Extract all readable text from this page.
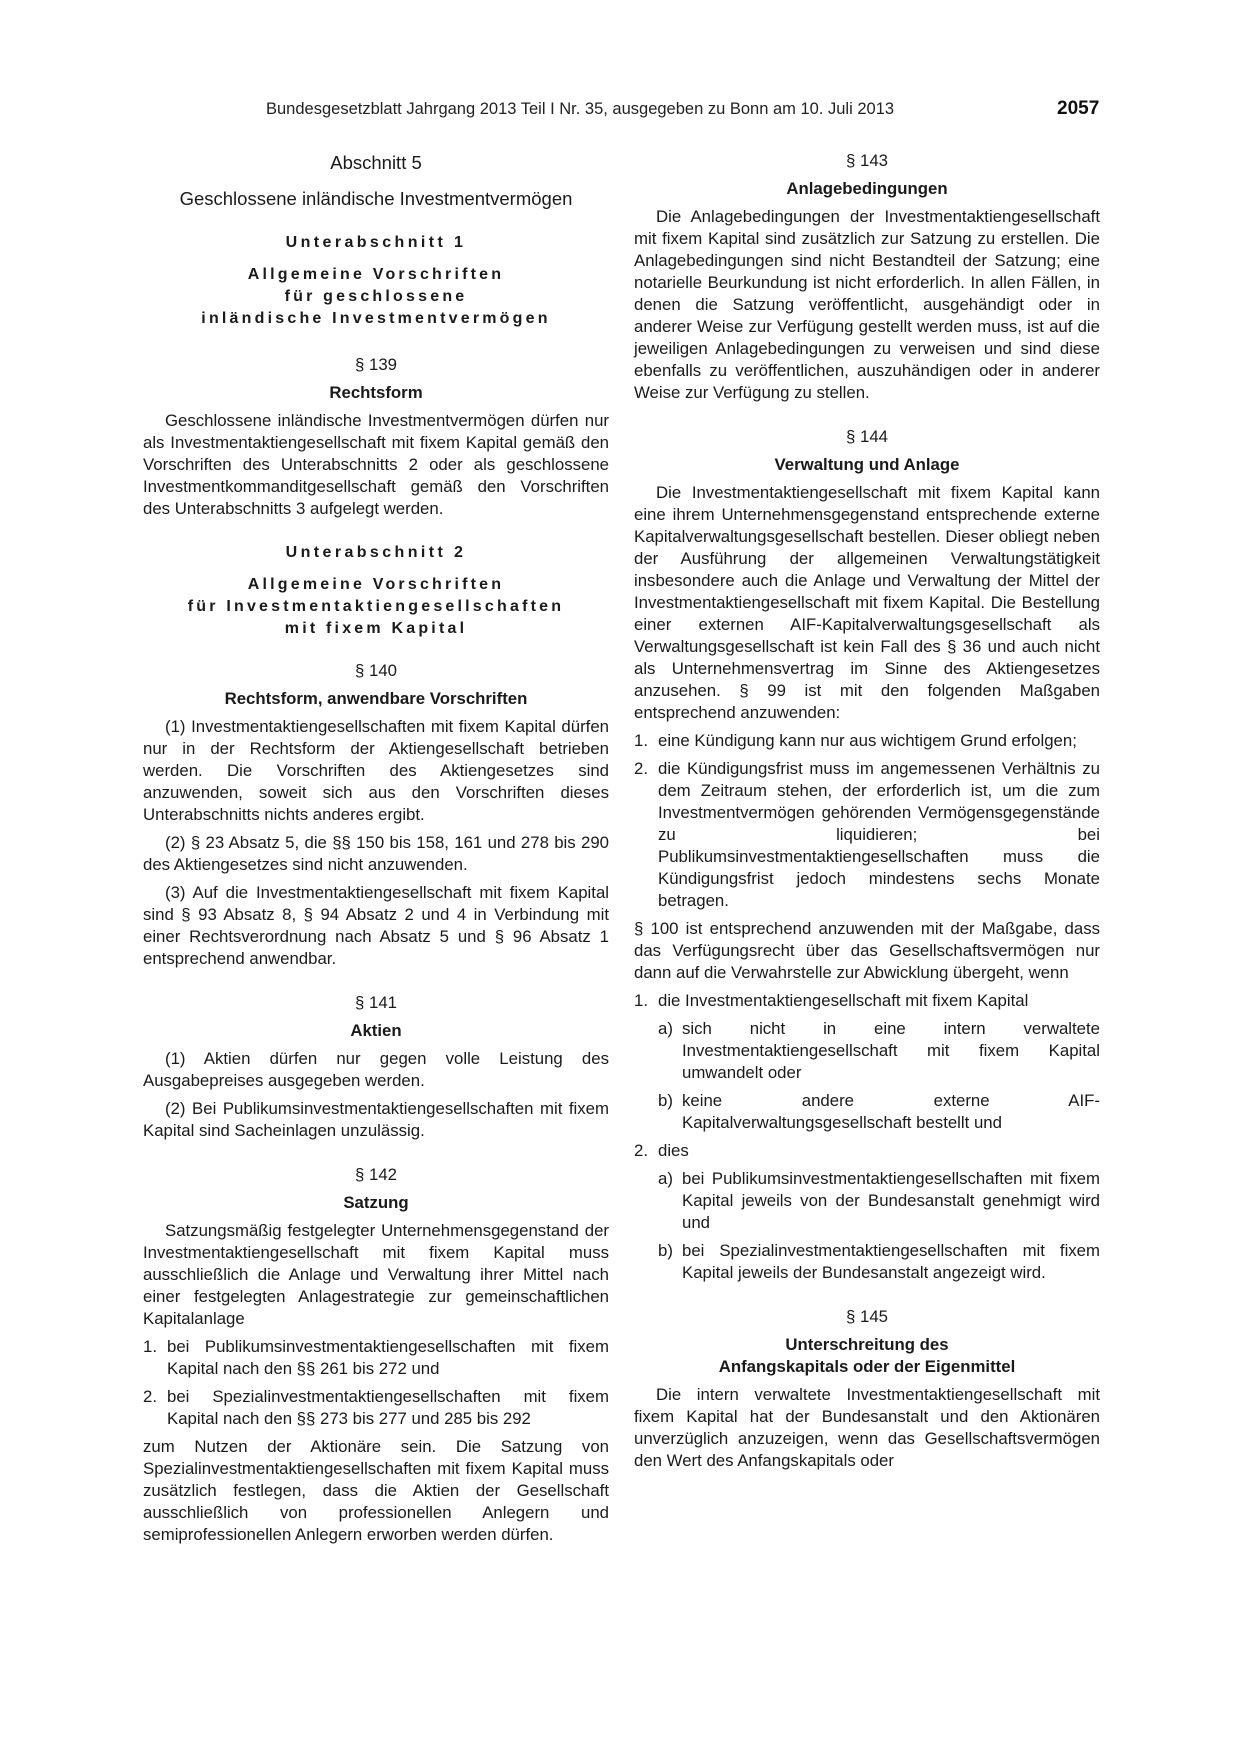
Bundesgesetzblatt Jahrgang 2013 Teil I Nr. 35, ausgegeben zu Bonn am 10. Juli 2013	2057

Abschnitt 5

Geschlossene inländische Investmentvermögen

Unterabschnitt 1

Allgemeine Vorschriften
für geschlossene
inländische Investmentvermögen

§ 139

Rechtsform

Geschlossene inländische Investmentvermögen dürfen nur als Investmentaktiengesellschaft mit fixem Kapital gemäß den Vorschriften des Unterabschnitts 2 oder als geschlossene Investmentkommanditgesellschaft gemäß den Vorschriften des Unterabschnitts 3 aufgelegt werden.

Unterabschnitt 2

Allgemeine Vorschriften
für Investmentaktiengesellschaften
mit fixem Kapital

§ 140

Rechtsform, anwendbare Vorschriften

(1) Investmentaktiengesellschaften mit fixem Kapital dürfen nur in der Rechtsform der Aktiengesellschaft betrieben werden. Die Vorschriften des Aktiengesetzes sind anzuwenden, soweit sich aus den Vorschriften dieses Unterabschnitts nichts anderes ergibt.

(2) § 23 Absatz 5, die §§ 150 bis 158, 161 und 278 bis 290 des Aktiengesetzes sind nicht anzuwenden.

(3) Auf die Investmentaktiengesellschaft mit fixem Kapital sind § 93 Absatz 8, § 94 Absatz 2 und 4 in Verbindung mit einer Rechtsverordnung nach Absatz 5 und § 96 Absatz 1 entsprechend anwendbar.

§ 141

Aktien

(1) Aktien dürfen nur gegen volle Leistung des Ausgabepreises ausgegeben werden.

(2) Bei Publikumsinvestmentaktiengesellschaften mit fixem Kapital sind Sacheinlagen unzulässig.

§ 142

Satzung

Satzungsmäßig festgelegter Unternehmensgegenstand der Investmentaktiengesellschaft mit fixem Kapital muss ausschließlich die Anlage und Verwaltung ihrer Mittel nach einer festgelegten Anlagestrategie zur gemeinschaftlichen Kapitalanlage

1. bei Publikumsinvestmentaktiengesellschaften mit fixem Kapital nach den §§ 261 bis 272 und
2. bei Spezialinvestmentaktiengesellschaften mit fixem Kapital nach den §§ 273 bis 277 und 285 bis 292

zum Nutzen der Aktionäre sein. Die Satzung von Spezialinvestmentaktiengesellschaften mit fixem Kapital muss zusätzlich festlegen, dass die Aktien der Gesellschaft ausschließlich von professionellen Anlegern und semiprofessionellen Anlegern erworben werden dürfen.

§ 143

Anlagebedingungen

Die Anlagebedingungen der Investmentaktiengesellschaft mit fixem Kapital sind zusätzlich zur Satzung zu erstellen. Die Anlagebedingungen sind nicht Bestandteil der Satzung; eine notarielle Beurkundung ist nicht erforderlich. In allen Fällen, in denen die Satzung veröffentlicht, ausgehändigt oder in anderer Weise zur Verfügung gestellt werden muss, ist auf die jeweiligen Anlagebedingungen zu verweisen und sind diese ebenfalls zu veröffentlichen, auszuhändigen oder in anderer Weise zur Verfügung zu stellen.

§ 144

Verwaltung und Anlage

Die Investmentaktiengesellschaft mit fixem Kapital kann eine ihrem Unternehmensgegenstand entsprechende externe Kapitalverwaltungsgesellschaft bestellen. Dieser obliegt neben der Ausführung der allgemeinen Verwaltungstätigkeit insbesondere auch die Anlage und Verwaltung der Mittel der Investmentaktiengesellschaft mit fixem Kapital. Die Bestellung einer externen AIF-Kapitalverwaltungsgesellschaft als Verwaltungsgesellschaft ist kein Fall des § 36 und auch nicht als Unternehmensvertrag im Sinne des Aktiengesetzes anzusehen. § 99 ist mit den folgenden Maßgaben entsprechend anzuwenden:

1. eine Kündigung kann nur aus wichtigem Grund erfolgen;
2. die Kündigungsfrist muss im angemessenen Verhältnis zu dem Zeitraum stehen, der erforderlich ist, um die zum Investmentvermögen gehörenden Vermögensgegenstände zu liquidieren; bei Publikumsinvestmentaktiengesellschaften muss die Kündigungsfrist jedoch mindestens sechs Monate betragen.

§ 100 ist entsprechend anzuwenden mit der Maßgabe, dass das Verfügungsrecht über das Gesellschaftsvermögen nur dann auf die Verwahrstelle zur Abwicklung übergeht, wenn

1. die Investmentaktiengesellschaft mit fixem Kapital
a) sich nicht in eine intern verwaltete Investmentaktiengesellschaft mit fixem Kapital umwandelt oder
b) keine andere externe AIF-Kapitalverwaltungsgesellschaft bestellt und
2. dies
a) bei Publikumsinvestmentaktiengesellschaften mit fixem Kapital jeweils von der Bundesanstalt genehmigt wird und
b) bei Spezialinvestmentaktiengesellschaften mit fixem Kapital jeweils der Bundesanstalt angezeigt wird.

§ 145

Unterschreitung des
Anfangskapitals oder der Eigenmittel

Die intern verwaltete Investmentaktiengesellschaft mit fixem Kapital hat der Bundesanstalt und den Aktionären unverzüglich anzuzeigen, wenn das Gesellschaftsvermögen den Wert des Anfangskapitals oder
